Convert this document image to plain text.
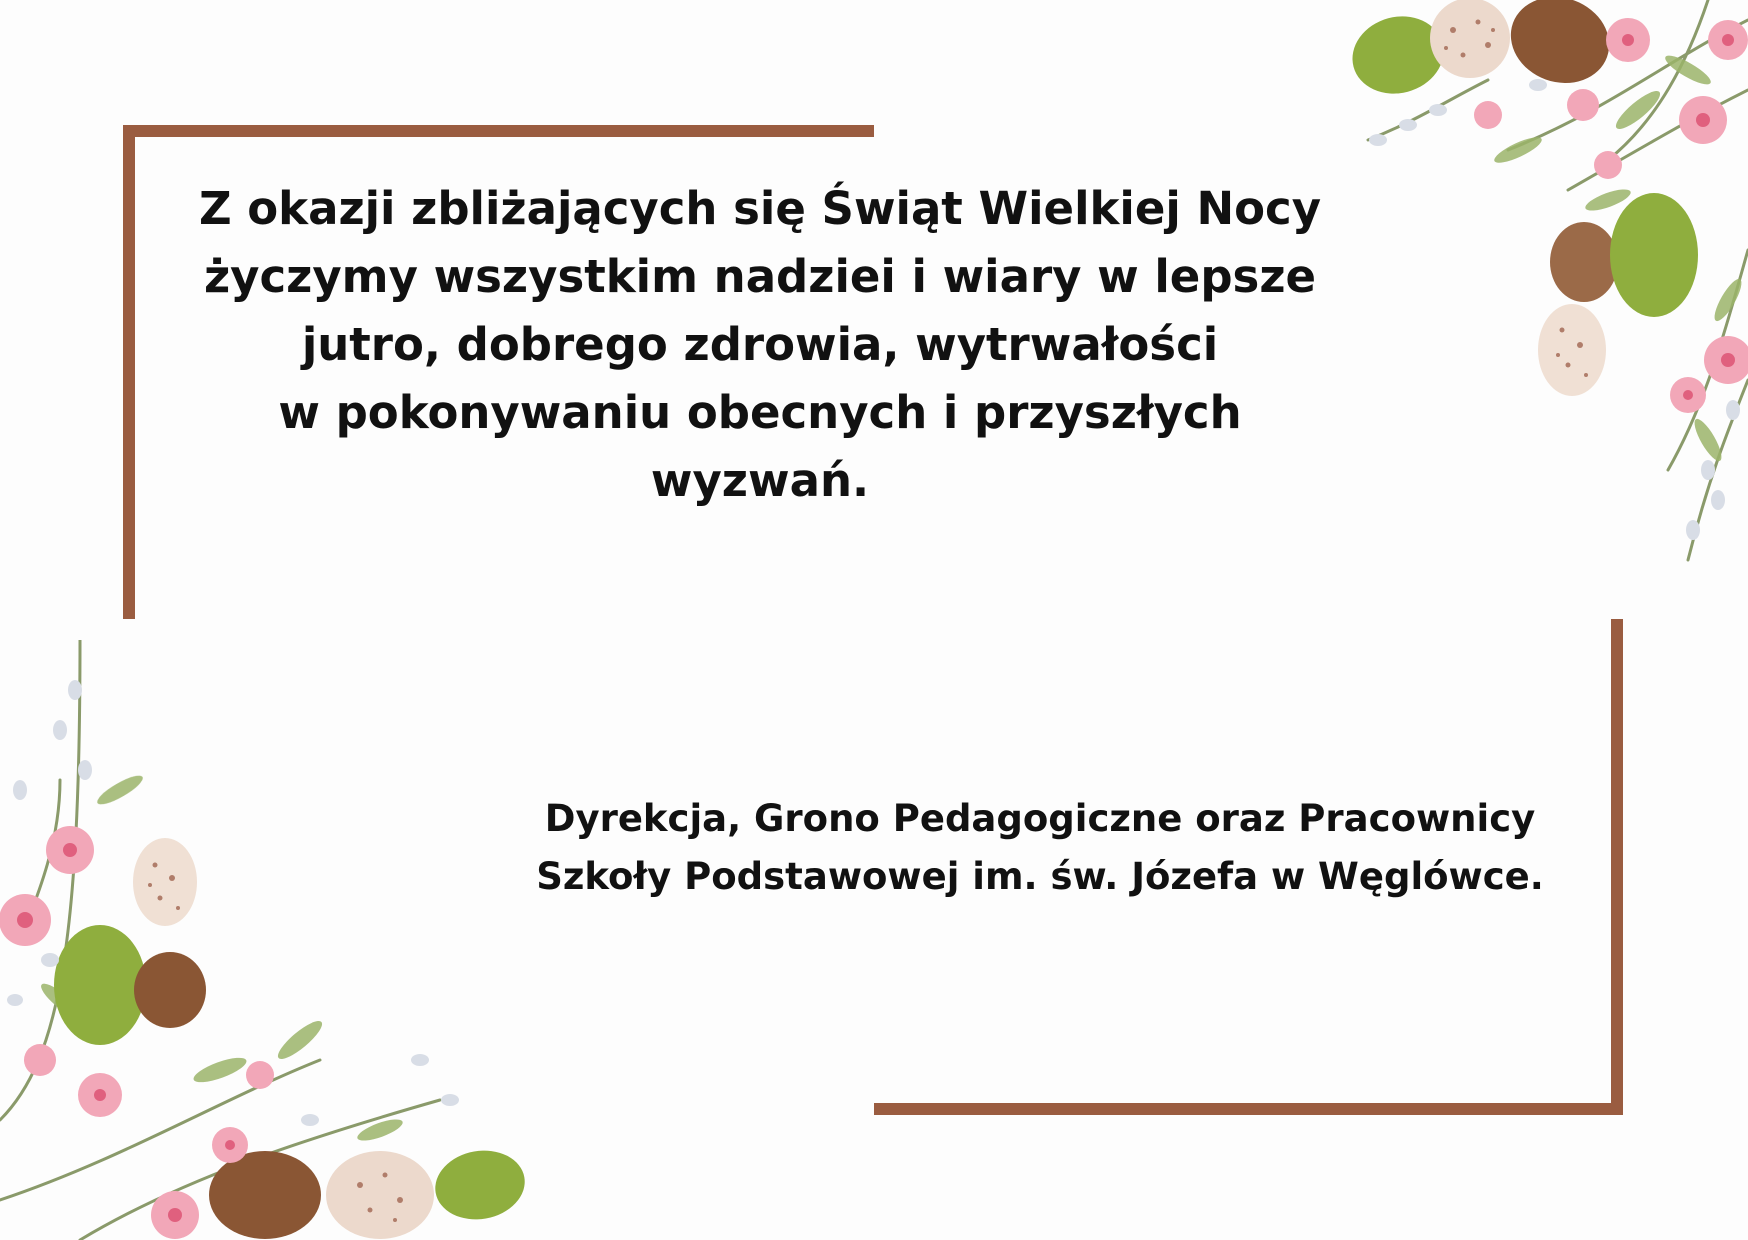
Z okazji zbliżających się Świąt Wielkiej Nocy
życzymy wszystkim nadziei i wiary w lepsze
jutro, dobrego zdrowia, wytrwałości
w pokonywaniu obecnych i przyszłych
wyzwań.
Dyrekcja, Grono Pedagogiczne oraz Pracownicy
Szkoły Podstawowej im. św. Józefa w Węglówce.
